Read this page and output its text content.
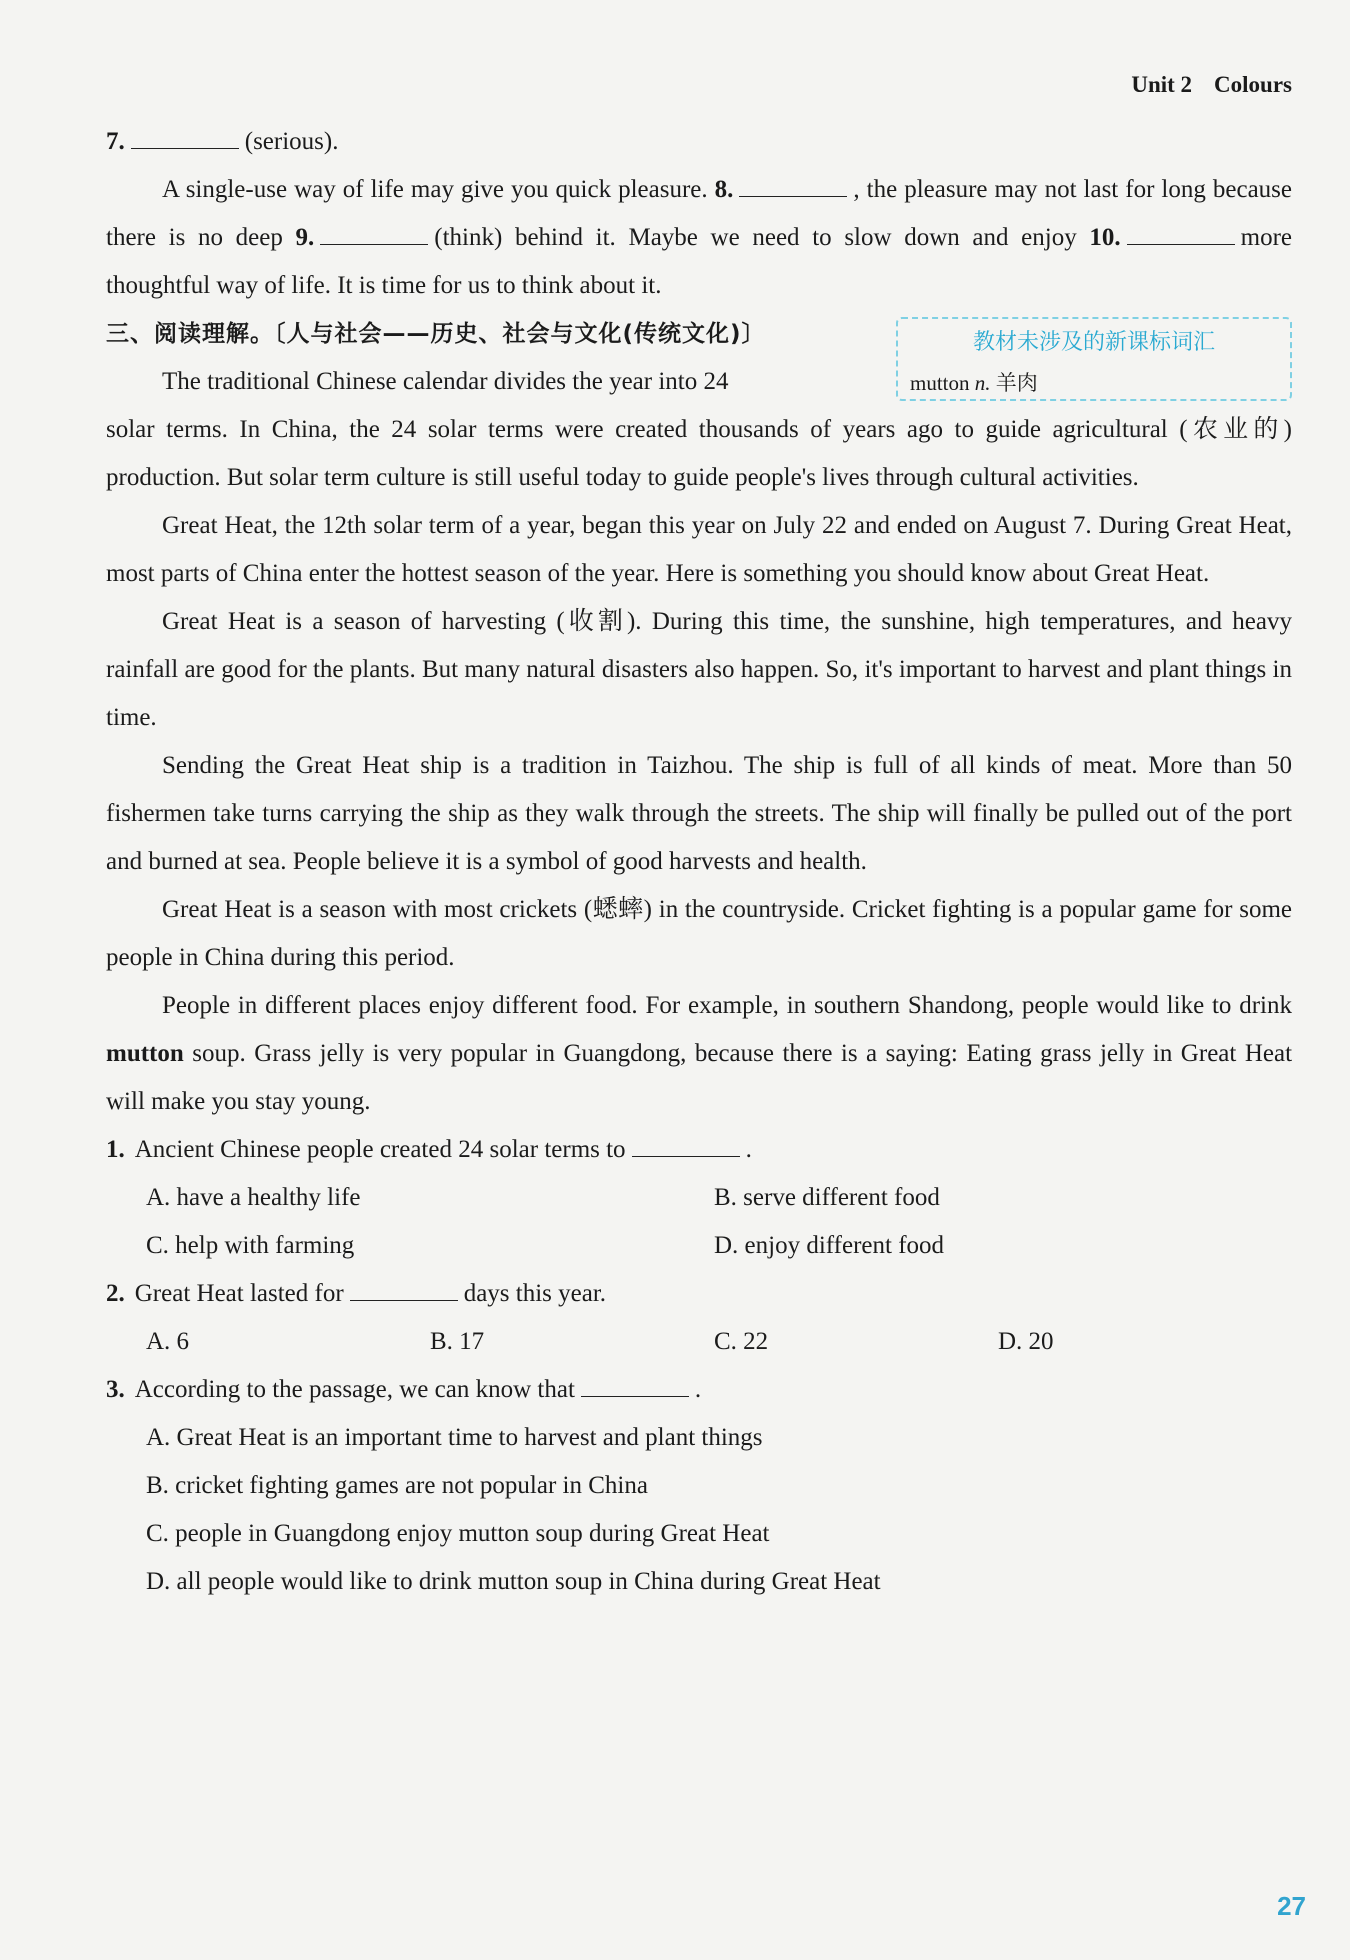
Unit 2 Colours
教材未涉及的新课标词汇
mutton n. 羊肉

7.	(serious).

A single-use way of life may give you quick pleasure. 8.	, the pleasure may not last for long because there is no deep 9.	(think) behind it. Maybe we need to slow down and enjoy 10.	more thoughtful way of life. It is time for us to think about it.

三、阅读理解。〔人与社会——历史、社会与文化(传统文化)〕

The traditional Chinese calendar divides the year into 24

solar terms. In China, the 24 solar terms were created thousands of years ago to guide agricultural (农业的) production. But solar term culture is still useful today to guide people's lives through cultural activities.

Great Heat, the 12th solar term of a year, began this year on July 22 and ended on August 7. During Great Heat, most parts of China enter the hottest season of the year. Here is something you should know about Great Heat.

Great Heat is a season of harvesting (收割). During this time, the sunshine, high temperatures, and heavy rainfall are good for the plants. But many natural disasters also happen. So, it's important to harvest and plant things in time.

Sending the Great Heat ship is a tradition in Taizhou. The ship is full of all kinds of meat. More than 50 fishermen take turns carrying the ship as they walk through the streets. The ship will finally be pulled out of the port and burned at sea. People believe it is a symbol of good harvests and health.

Great Heat is a season with most crickets (蟋蟀) in the countryside. Cricket fighting is a popular game for some people in China during this period.

People in different places enjoy different food. For example, in southern Shandong, people would like to drink mutton soup. Grass jelly is very popular in Guangdong, because there is a saying: Eating grass jelly in Great Heat will make you stay young.

1. Ancient Chinese people created 24 solar terms to	.

A. have a healthy life	B. serve different food
C. help with farming	D. enjoy different food

2. Great Heat lasted for	days this year.

A. 6	B. 17	C. 22	D. 20

3. According to the passage, we can know that	.

A. Great Heat is an important time to harvest and plant things
B. cricket fighting games are not popular in China
C. people in Guangdong enjoy mutton soup during Great Heat
D. all people would like to drink mutton soup in China during Great Heat
27
